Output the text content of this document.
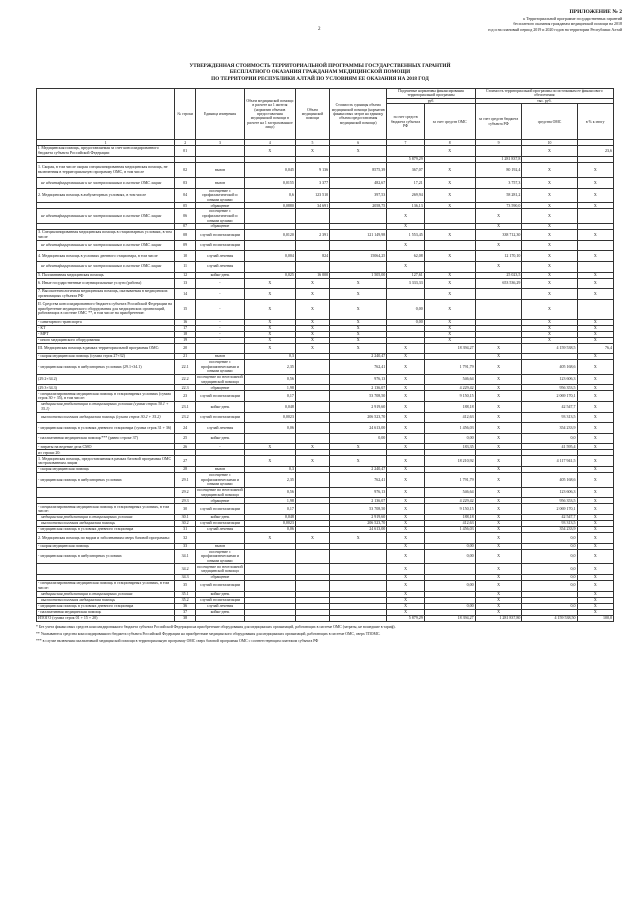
ПРИЛОЖЕНИЕ № 2
к Территориальной программе государственных гарантий
бесплатного оказания гражданам медицинской помощи на 2018
год и на плановый период 2019 и 2020 годов на территории Республики Алтай
2
УТВЕРЖДЕННАЯ СТОИМОСТЬ ТЕРРИТОРИАЛЬНОЙ ПРОГРАММЫ ГОСУДАРСТВЕННЫХ ГАРАНТИЙ
БЕСПЛАТНОГО ОКАЗАНИЯ ГРАЖДАНАМ МЕДИЦИНСКОЙ ПОМОЩИ
ПО ТЕРРИТОРИИ РЕСПУБЛИКИ АЛТАЙ ПО УСЛОВИЯМ ЕЕ ОКАЗАНИЯ НА 2018 ГОД
	№ строки	Единица измерения	Объем медицинской помощи в расчете на 1 жителя (норматив объемов предоставления медицинской помощи в расчете на 1 застрахованное лицо)	Объем медицинской помощи	Стоимость единицы объема медицинской помощи (норматив финансовых затрат на единицу объема предоставления медицинской помощи)	Подушевые нормативы финансирования территориальной программы		Стоимость территориальной программы по источникам ее финансового обеспечения		
						руб.		тыс. руб.		
						за счет средств бюджета субъекта РФ	за счет средств ОМС	за счет средств бюджета субъекта РФ	средства ОМС	в % к итогу
1	2	3	4	5	6	7	8	9	10	
I. Медицинская помощь, предоставляемая за счет консолидированного бюджета субъекта Российской Федерации	01		X	X	X		X		X	23,6
						5 879,29		1 281 837,8		
1. Скорая, в том числе скорая специализированная медицинская помощь, не включенная в территориальную программу ОМС, в том числе	02	вызов	0,045	9 136	8575,39	367,07	X	80 192,4	X	X
не идентифицированным и не застрахованным в системе ОМС лицам	03	вызов	0,0155	3 377	482,67	17,21	X	3 757,3	X	X
2. Медицинская помощь в амбулаторных условиях, в том числе	04	посещение с профилактической и иными целями	0,6	123 510	397,53	269,94	X	58 281,2	X	X
	05	обращение	0,0880	34 691	2058,75	136,13	X	73 590,0	X	X
не идентифицированным и не застрахованным в системе ОМС лицам	06	посещение с профилактической и иными целями				X		X	X	
	07	обращение				X		X	X	
3. Специализированная медицинская помощь в стационарных условиях, в том числе	08	случай госпитализации	0,0120	2 391	121 149,98	1 553,45	X	338 712,30	X	X
не идентифицированным и не застрахованным в системе ОМС лицам	09	случай госпитализации				X		X	X	
4. Медицинская помощь в условиях дневного стационара, в том числе	10	случай лечения	0,004	824	15064,25	62,08	X	12 170,10	X	X
не идентифицированным и не застрахованным в системе ОМС лицам	11	случай лечения				X		X	X	
5. Паллиативная медицинская помощь	12	койко-день	0,025	16 000	1 505,00	127,61	X	25 023,5	X	X
6. Иные государственные и муниципальные услуги (работы)	13	-	X	X	X	3 333,33	X	653 536,29	X	X
7. Высокотехнологичная медицинская помощь, оказываемая в медицинских организациях субъекта РФ	14	-	X	X	X		X		X	X
II. Средства консолидированного бюджета субъекта Российской Федерации на приобретение медицинского оборудования для медицинских организаций, работающих в системе ОМС **, в том числе на приобретение:	15	-	X	X	X	0,00	X		X	
- санитарного транспорта	16	-	X	X	X	0,00	X		X	X
- КТ	17	-	X	X	X		X		X	X
- МРТ	18	-	X	X	X		X		X	X
- иного медицинского оборудования	19	-	X	X	X		X		X	X
III. Медицинская помощь в рамках территориальной программы ОМС:	20		X	X	X	X	18 394,27	X	4 159 538,5	76,4
- скорая медицинская помощь (сумма строк 27+32)	21	вызов	0,3		2 240,47	X		X		X
- медицинская помощь в амбулаторных условиях (29.1+34.1)	22.1	посещение с профилактическими и иными целями	2,35		762,41	X	1 791,79	X	405 168,6	X
(29.2+34.2)	22.2	посещение по неотложной медицинской помощи	0,56		976,13	X	546,64	X	123 606,3	X
(29.3+34.3)	22.3	обращение	1,98		2 136,07	X	4 229,42	X	956 353,5	X
- специализированная медицинская помощь в стационарных условиях (сумма строк 30 + 35), в том числе:	23	случай госпитализации	0,17		53 708,50	X	9 150,15	X	2 069 170,1	X
медицинская реабилитация в стационарных условиях (сумма строк 30.1 + 35.1)	23.1	койко-день	0,048		2 919,60	X	188,18	X	42 547,7	X
высокотехнологичная медицинская помощь (сумма строк 30.2 + 35.2)	23.2	случай госпитализации	0,0023		206 523,70	X	412,63	X	93 313,5	X
- медицинская помощь в условиях дневного стационара (сумма строк 31 + 36)	24	случай лечения	0,06		24 613,00	X	1 456,03	X	354 233,9	X
- паллиативная медицинская помощь*** (равно строке 37)	25	койко-день			0,00	X	0,00	X	0,0	X
- затраты на ведение дела СМО	26	-	X	X	X	X	183,35	X	41 595,4	X
из строки 20:										
1. Медицинская помощь, предоставляемая в рамках базовой программы ОМС застрахованным лицам	27		X	X	X	X	18 210,92	X	4 117 941,5	X
- скорая медицинская помощь	28	вызов	0,3		2 240,47	X		X		X
- медицинская помощь в амбулаторных условиях	29.1	посещение с профилактическими и иными целями	2,35		762,41	X	1 791,79	X	405 168,6	X
	29.2	посещение по неотложной медицинской помощи	0,56		976,13	X	546,64	X	123 606,3	X
	29.3	обращение	1,98		2 136,07	X	4 229,42	X	956 353,5	X
- специализированная медицинская помощь в стационарных условиях, в том числе:	30	случай госпитализации	0,17		53 708,50	X	9 150,15	X	2 069 170,1	X
медицинская реабилитация в стационарных условиях	30.1	койко-день	0,048		2 919,60	X	188,18	X	42 547,7	X
высокотехнологичная медицинская помощь	30.2	случай госпитализации	0,0023		206 523,70	X	412,63	X	93 313,5	X
- медицинская помощь в условиях дневного стационара	31	случай лечения	0,06		24 613,00	X	1 456,03	X	354 233,9	X
2. Медицинская помощь по видам и заболеваниям сверх базовой программы:	32		X	X	X	X		X	0,0	X
- скорая медицинская помощь	33	вызов				X	0,00	X	0,0	X
- медицинская помощь в амбулаторных условиях	34.1	посещение с профилактическими и иными целями				X	0,00	X	0,0	X
	34.2	посещение по неотложной медицинской помощи				X		X	0,0	X
	34.3	обращение				X		X	0,0	X
- специализированная медицинская помощь в стационарных условиях, в том числе:	35	случай госпитализации				X	0,00	X	0,0	X
медицинская реабилитация в стационарных условиях	35.1	койко-день				X		X		X
высокотехнологичная медицинская помощь	35.2	случай госпитализации				X		X		X
- медицинская помощь в условиях дневного стационара	36	случай лечения				X	0,00	X	0,0	X
- паллиативная медицинская помощь	37	койко-день				X		X		X
ИТОГО (сумма строк 01 + 15 + 20)	38					5 879,29	18 394,27	1 281 837,80	4 159 538,50	100,0
* Без учета финансовых средств консолидированного бюджета субъекта Российской Федерации на приобретение оборудования для медицинских организаций, работающих в системе ОМС (затраты, не вошедшие в тариф).
** Указываются средства консолидированного бюджета субъекта Российской Федерации на приобретение медицинского оборудования для медицинских организаций, работающих в системе ОМС, сверх ТПОМС.
*** в случае включения паллиативной медицинской помощи в территориальную программу ОМС сверх базовой программы ОМС с соответствующим платежом субъекта РФ
